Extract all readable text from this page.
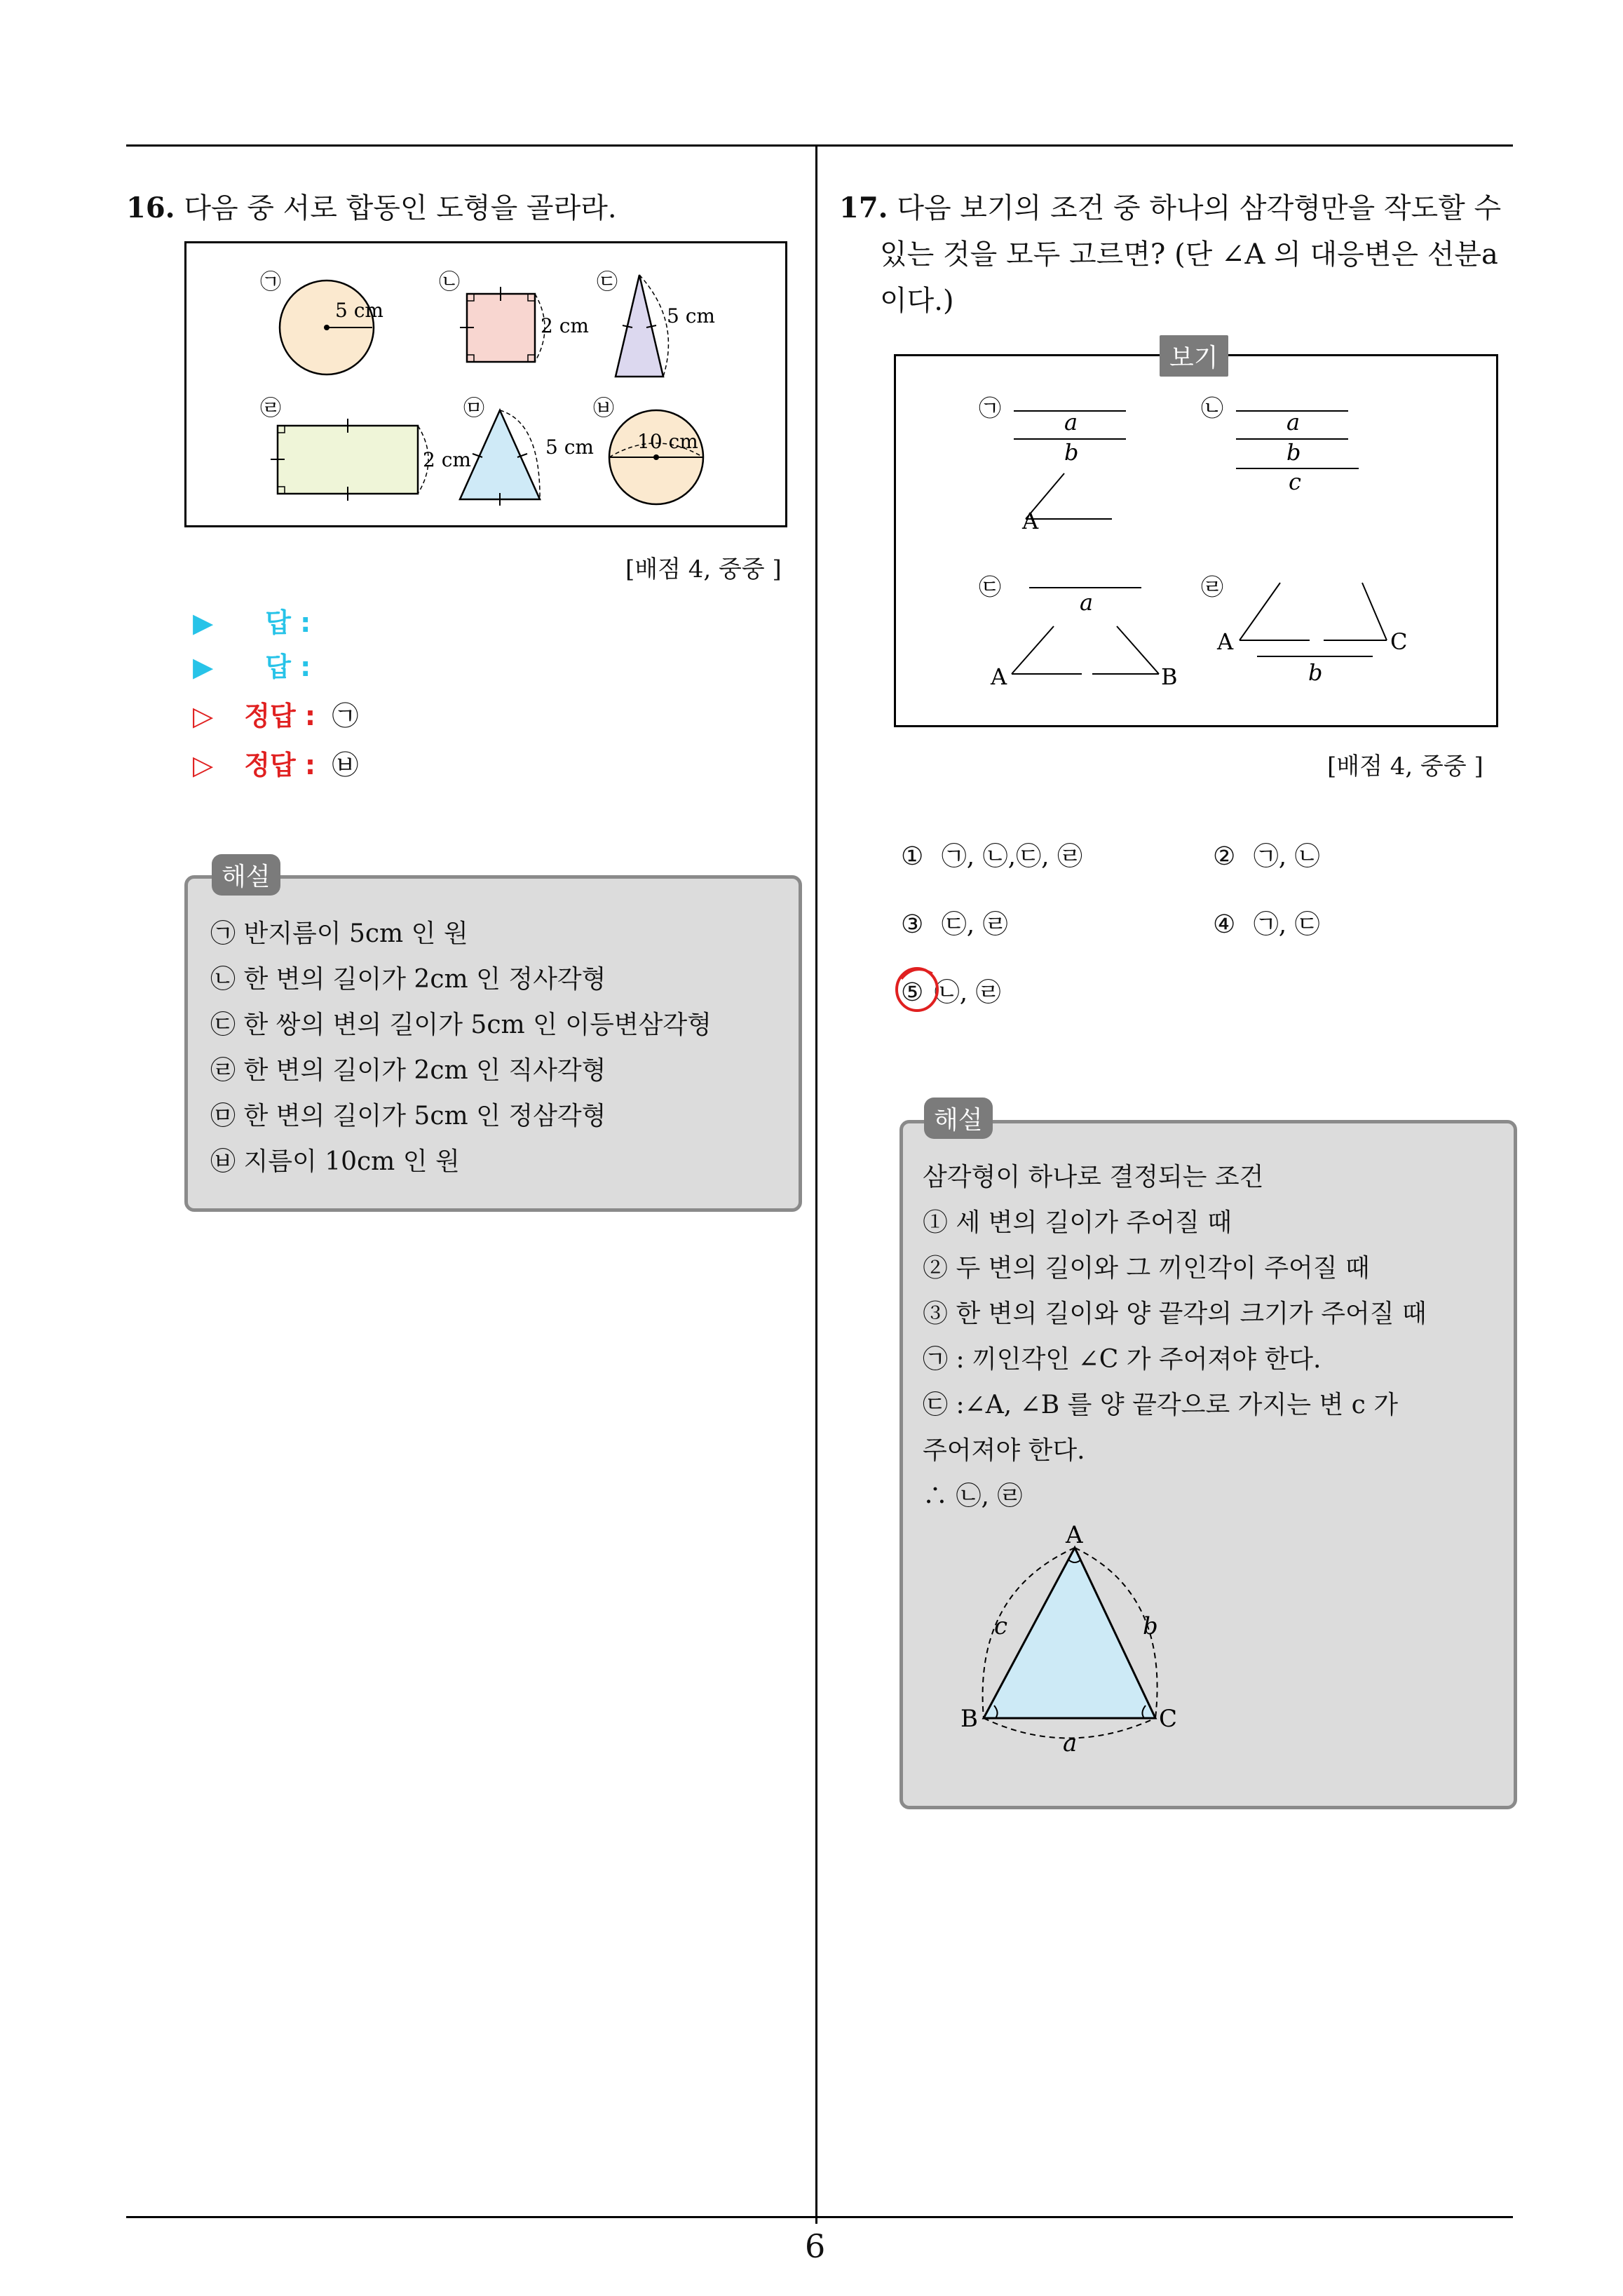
6
16. 다음 중 서로 합동인 도형을 골라라.
㉠	㉡	㉢
㉣	㉤	㉥
5 cm
2 cm	5 cm
2 cm
5 cm 10 cm
[배점 4, 중중 ]
▶ 답 :
▶ 답 :
▷ 정답 : ㉠
▷ 정답 : ㉥
㉠ 반지름이 5cm 인 원
㉡ 한 변의 길이가 2cm 인 정사각형
㉢ 한 쌍의 변의 길이가 5cm 인 이등변삼각형
㉣ 한 변의 길이가 2cm 인 직사각형
㉤ 한 변의 길이가 5cm 인 정삼각형
㉥ 지름이 10cm 인 원
해설
17. 다음 보기의 조건 중 하나의 삼각형만을 작도할 수
있는 것을 모두 고르면? (단 ∠A 의 대응변은 선분a
이다.)
㉠
a
b
A
㉡
a
b
c
㉢
a
A	B
㉣
A	C
b
보기
[배점 4, 중중 ]
① ㉠, ㉡,㉢, ㉣	② ㉠, ㉡
③ ㉢, ㉣	④ ㉠, ㉢
⑤ ㉡, ㉣
삼각형이 하나로 결정되는 조건
① 세 변의 길이가 주어질 때
② 두 변의 길이와 그 끼인각이 주어질 때
③ 한 변의 길이와 양 끝각의 크기가 주어질 때
㉠ : 끼인각인 ∠C 가 주어져야 한다.
㉢ :∠A, ∠B 를 양 끝각으로 가지는 변 c 가
주어져야 한다.
∴ ㉡, ㉣
A
B	C
a
b
c
해설
